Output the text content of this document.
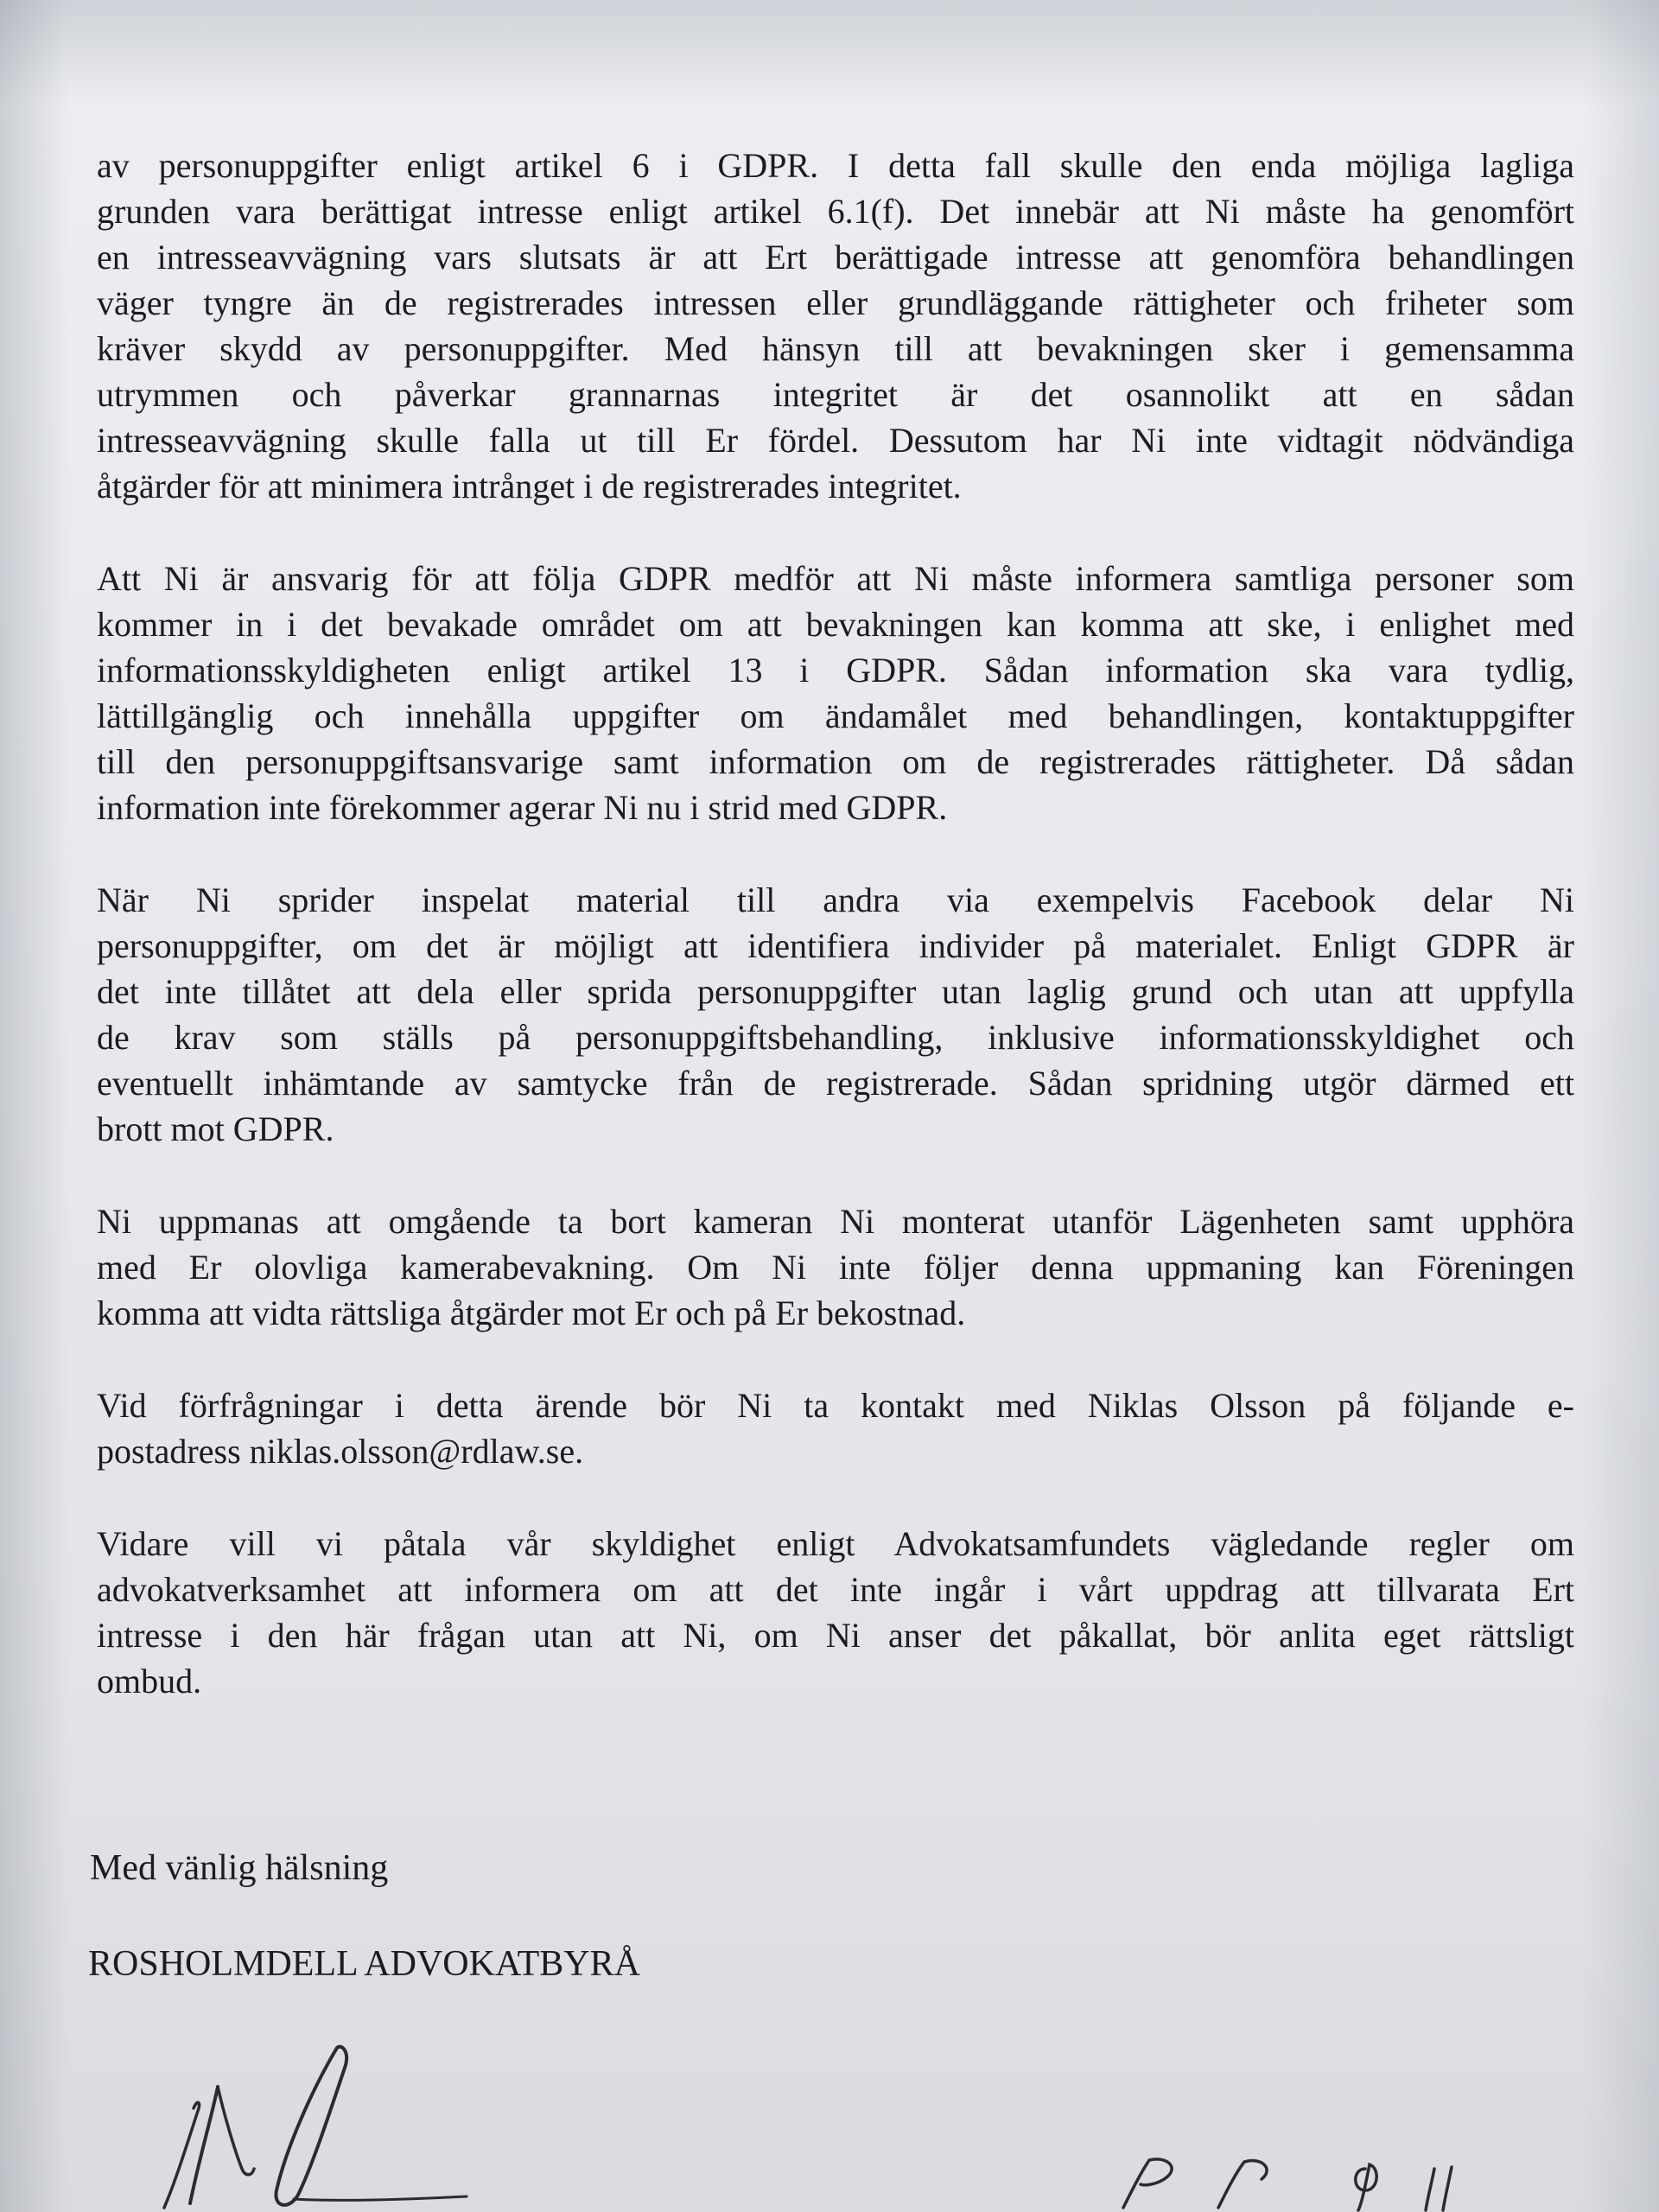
av personuppgifter enligt artikel 6 i GDPR. I detta fall skulle den enda möjliga lagliga
grunden vara berättigat intresse enligt artikel 6.1(f). Det innebär att Ni måste ha genomfört
en intresseavvägning vars slutsats är att Ert berättigade intresse att genomföra behandlingen
väger tyngre än de registrerades intressen eller grundläggande rättigheter och friheter som
kräver skydd av personuppgifter. Med hänsyn till att bevakningen sker i gemensamma
utrymmen och påverkar grannarnas integritet är det osannolikt att en sådan
intresseavvägning skulle falla ut till Er fördel. Dessutom har Ni inte vidtagit nödvändiga
åtgärder för att minimera intrånget i de registrerades integritet.

Att Ni är ansvarig för att följa GDPR medför att Ni måste informera samtliga personer som
kommer in i det bevakade området om att bevakningen kan komma att ske, i enlighet med
informationsskyldigheten enligt artikel 13 i GDPR. Sådan information ska vara tydlig,
lättillgänglig och innehålla uppgifter om ändamålet med behandlingen, kontaktuppgifter
till den personuppgiftsansvarige samt information om de registrerades rättigheter. Då sådan
information inte förekommer agerar Ni nu i strid med GDPR.

När Ni sprider inspelat material till andra via exempelvis Facebook delar Ni
personuppgifter, om det är möjligt att identifiera individer på materialet. Enligt GDPR är
det inte tillåtet att dela eller sprida personuppgifter utan laglig grund och utan att uppfylla
de krav som ställs på personuppgiftsbehandling, inklusive informationsskyldighet och
eventuellt inhämtande av samtycke från de registrerade. Sådan spridning utgör därmed ett
brott mot GDPR.

Ni uppmanas att omgående ta bort kameran Ni monterat utanför Lägenheten samt upphöra
med Er olovliga kamerabevakning. Om Ni inte följer denna uppmaning kan Föreningen
komma att vidta rättsliga åtgärder mot Er och på Er bekostnad.

Vid förfrågningar i detta ärende bör Ni ta kontakt med Niklas Olsson på följande e-
postadress niklas.olsson@rdlaw.se.

Vidare vill vi påtala vår skyldighet enligt Advokatsamfundets vägledande regler om
advokatverksamhet att informera om att det inte ingår i vårt uppdrag att tillvarata Ert
intresse i den här frågan utan att Ni, om Ni anser det påkallat, bör anlita eget rättsligt
ombud.

Med vänlig hälsning
ROSHOLMDELL ADVOKATBYRÅ
